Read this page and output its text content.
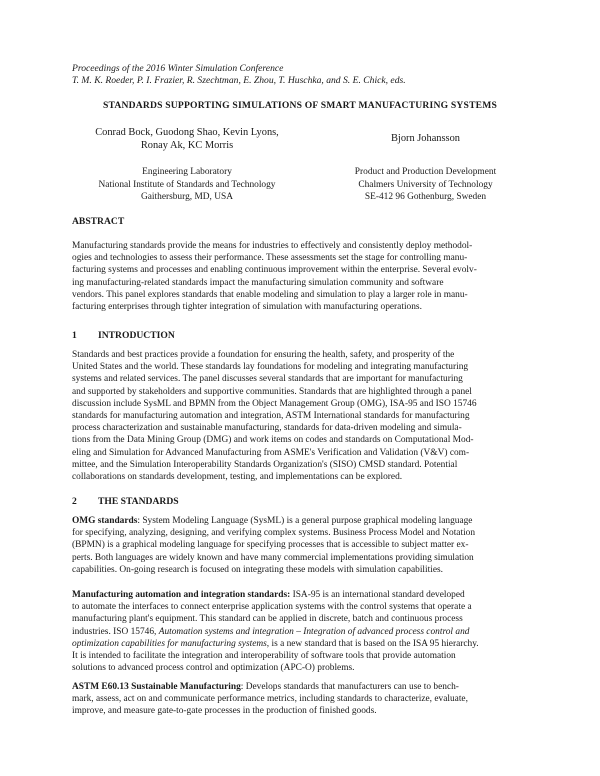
Proceedings of the 2016 Winter Simulation Conference
T. M. K. Roeder, P. I. Frazier, R. Szechtman, E. Zhou, T. Huschka, and S. E. Chick, eds.
STANDARDS SUPPORTING SIMULATIONS OF SMART MANUFACTURING SYSTEMS
Conrad Bock, Guodong Shao, Kevin Lyons,
Ronay Ak, KC Morris
Bjorn Johansson
Engineering Laboratory
National Institute of Standards and Technology
Gaithersburg, MD, USA
Product and Production Development
Chalmers University of Technology
SE-412 96 Gothenburg, Sweden
ABSTRACT
Manufacturing standards provide the means for industries to effectively and consistently deploy methodol-
ogies and technologies to assess their performance. These assessments set the stage for controlling manu-
facturing systems and processes and enabling continuous improvement within the enterprise. Several evolv-
ing manufacturing-related standards impact the manufacturing simulation community and software
vendors. This panel explores standards that enable modeling and simulation to play a larger role in manu-
facturing enterprises through tighter integration of simulation with manufacturing operations.
1 INTRODUCTION
Standards and best practices provide a foundation for ensuring the health, safety, and prosperity of the
United States and the world. These standards lay foundations for modeling and integrating manufacturing
systems and related services. The panel discusses several standards that are important for manufacturing
and supported by stakeholders and supportive communities. Standards that are highlighted through a panel
discussion include SysML and BPMN from the Object Management Group (OMG), ISA-95 and ISO 15746
standards for manufacturing automation and integration, ASTM International standards for manufacturing
process characterization and sustainable manufacturing, standards for data-driven modeling and simula-
tions from the Data Mining Group (DMG) and work items on codes and standards on Computational Mod-
eling and Simulation for Advanced Manufacturing from ASME's Verification and Validation (V&V) com-
mittee, and the Simulation Interoperability Standards Organization's (SISO) CMSD standard. Potential
collaborations on standards development, testing, and implementations can be explored.
2 THE STANDARDS
OMG standards: System Modeling Language (SysML) is a general purpose graphical modeling language
for specifying, analyzing, designing, and verifying complex systems. Business Process Model and Notation
(BPMN) is a graphical modeling language for specifying processes that is accessible to subject matter ex-
perts. Both languages are widely known and have many commercial implementations providing simulation
capabilities. On-going research is focused on integrating these models with simulation capabilities.
Manufacturing automation and integration standards: ISA-95 is an international standard developed
to automate the interfaces to connect enterprise application systems with the control systems that operate a
manufacturing plant's equipment. This standard can be applied in discrete, batch and continuous process
industries. ISO 15746, Automation systems and integration – Integration of advanced process control and
optimization capabilities for manufacturing systems, is a new standard that is based on the ISA 95 hierarchy.
It is intended to facilitate the integration and interoperability of software tools that provide automation
solutions to advanced process control and optimization (APC-O) problems.
ASTM E60.13 Sustainable Manufacturing: Develops standards that manufacturers can use to bench-
mark, assess, act on and communicate performance metrics, including standards to characterize, evaluate,
improve, and measure gate-to-gate processes in the production of finished goods.
